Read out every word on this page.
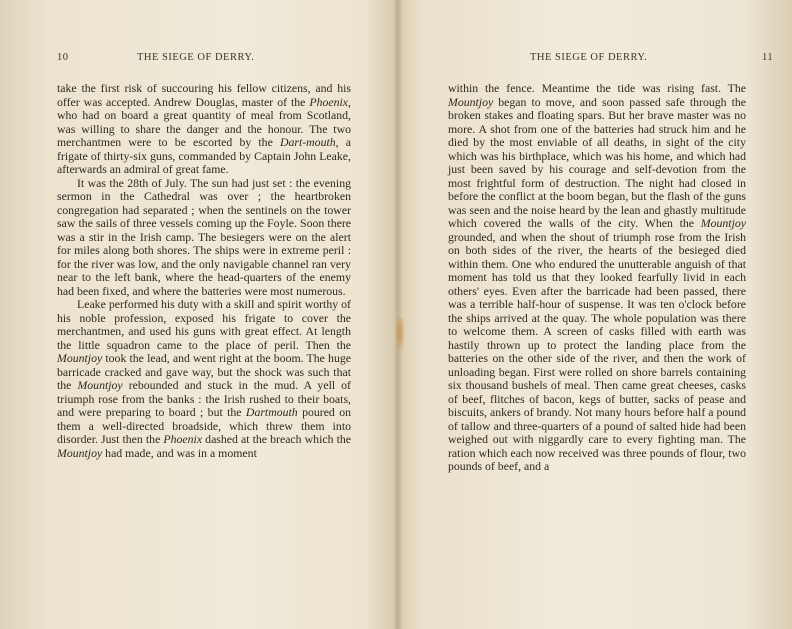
10	THE SIEGE OF DERRY.

take the first risk of succouring his fellow citizens, and his offer was accepted. Andrew Douglas, master of the Phoenix, who had on board a great quantity of meal from Scotland, was willing to share the danger and the honour. The two merchantmen were to be escorted by the Dart-mouth, a frigate of thirty-six guns, commanded by Captain John Leake, afterwards an admiral of great fame.

It was the 28th of July. The sun had just set : the evening sermon in the Cathedral was over ; the heartbroken congregation had separated ; when the sentinels on the tower saw the sails of three vessels coming up the Foyle. Soon there was a stir in the Irish camp. The besiegers were on the alert for miles along both shores. The ships were in extreme peril : for the river was low, and the only navigable channel ran very near to the left bank, where the head-quarters of the enemy had been fixed, and where the batteries were most numerous.

Leake performed his duty with a skill and spirit worthy of his noble profession, exposed his frigate to cover the merchantmen, and used his guns with great effect. At length the little squadron came to the place of peril. Then the Mountjoy took the lead, and went right at the boom. The huge barricade cracked and gave way, but the shock was such that the Mountjoy rebounded and stuck in the mud. A yell of triumph rose from the banks : the Irish rushed to their boats, and were preparing to board ; but the Dartmouth poured on them a well-directed broadside, which threw them into disorder. Just then the Phoenix dashed at the breach which the Mountjoy had made, and was in a moment

THE SIEGE OF DERRY.	11

within the fence. Meantime the tide was rising fast. The Mountjoy began to move, and soon passed safe through the broken stakes and floating spars. But her brave master was no more. A shot from one of the batteries had struck him and he died by the most enviable of all deaths, in sight of the city which was his birthplace, which was his home, and which had just been saved by his courage and self-devotion from the most frightful form of destruction. The night had closed in before the conflict at the boom began, but the flash of the guns was seen and the noise heard by the lean and ghastly multitude which covered the walls of the city. When the Mountjoy grounded, and when the shout of triumph rose from the Irish on both sides of the river, the hearts of the besieged died within them. One who endured the unutterable anguish of that moment has told us that they looked fearfully livid in each others' eyes. Even after the barricade had been passed, there was a terrible half-hour of suspense. It was ten o'clock before the ships arrived at the quay. The whole population was there to welcome them. A screen of casks filled with earth was hastily thrown up to protect the landing place from the batteries on the other side of the river, and then the work of unloading began. First were rolled on shore barrels containing six thousand bushels of meal. Then came great cheeses, casks of beef, flitches of bacon, kegs of butter, sacks of pease and biscuits, ankers of brandy. Not many hours before half a pound of tallow and three-quarters of a pound of salted hide had been weighed out with niggardly care to every fighting man. The ration which each now received was three pounds of flour, two pounds of beef, and a
